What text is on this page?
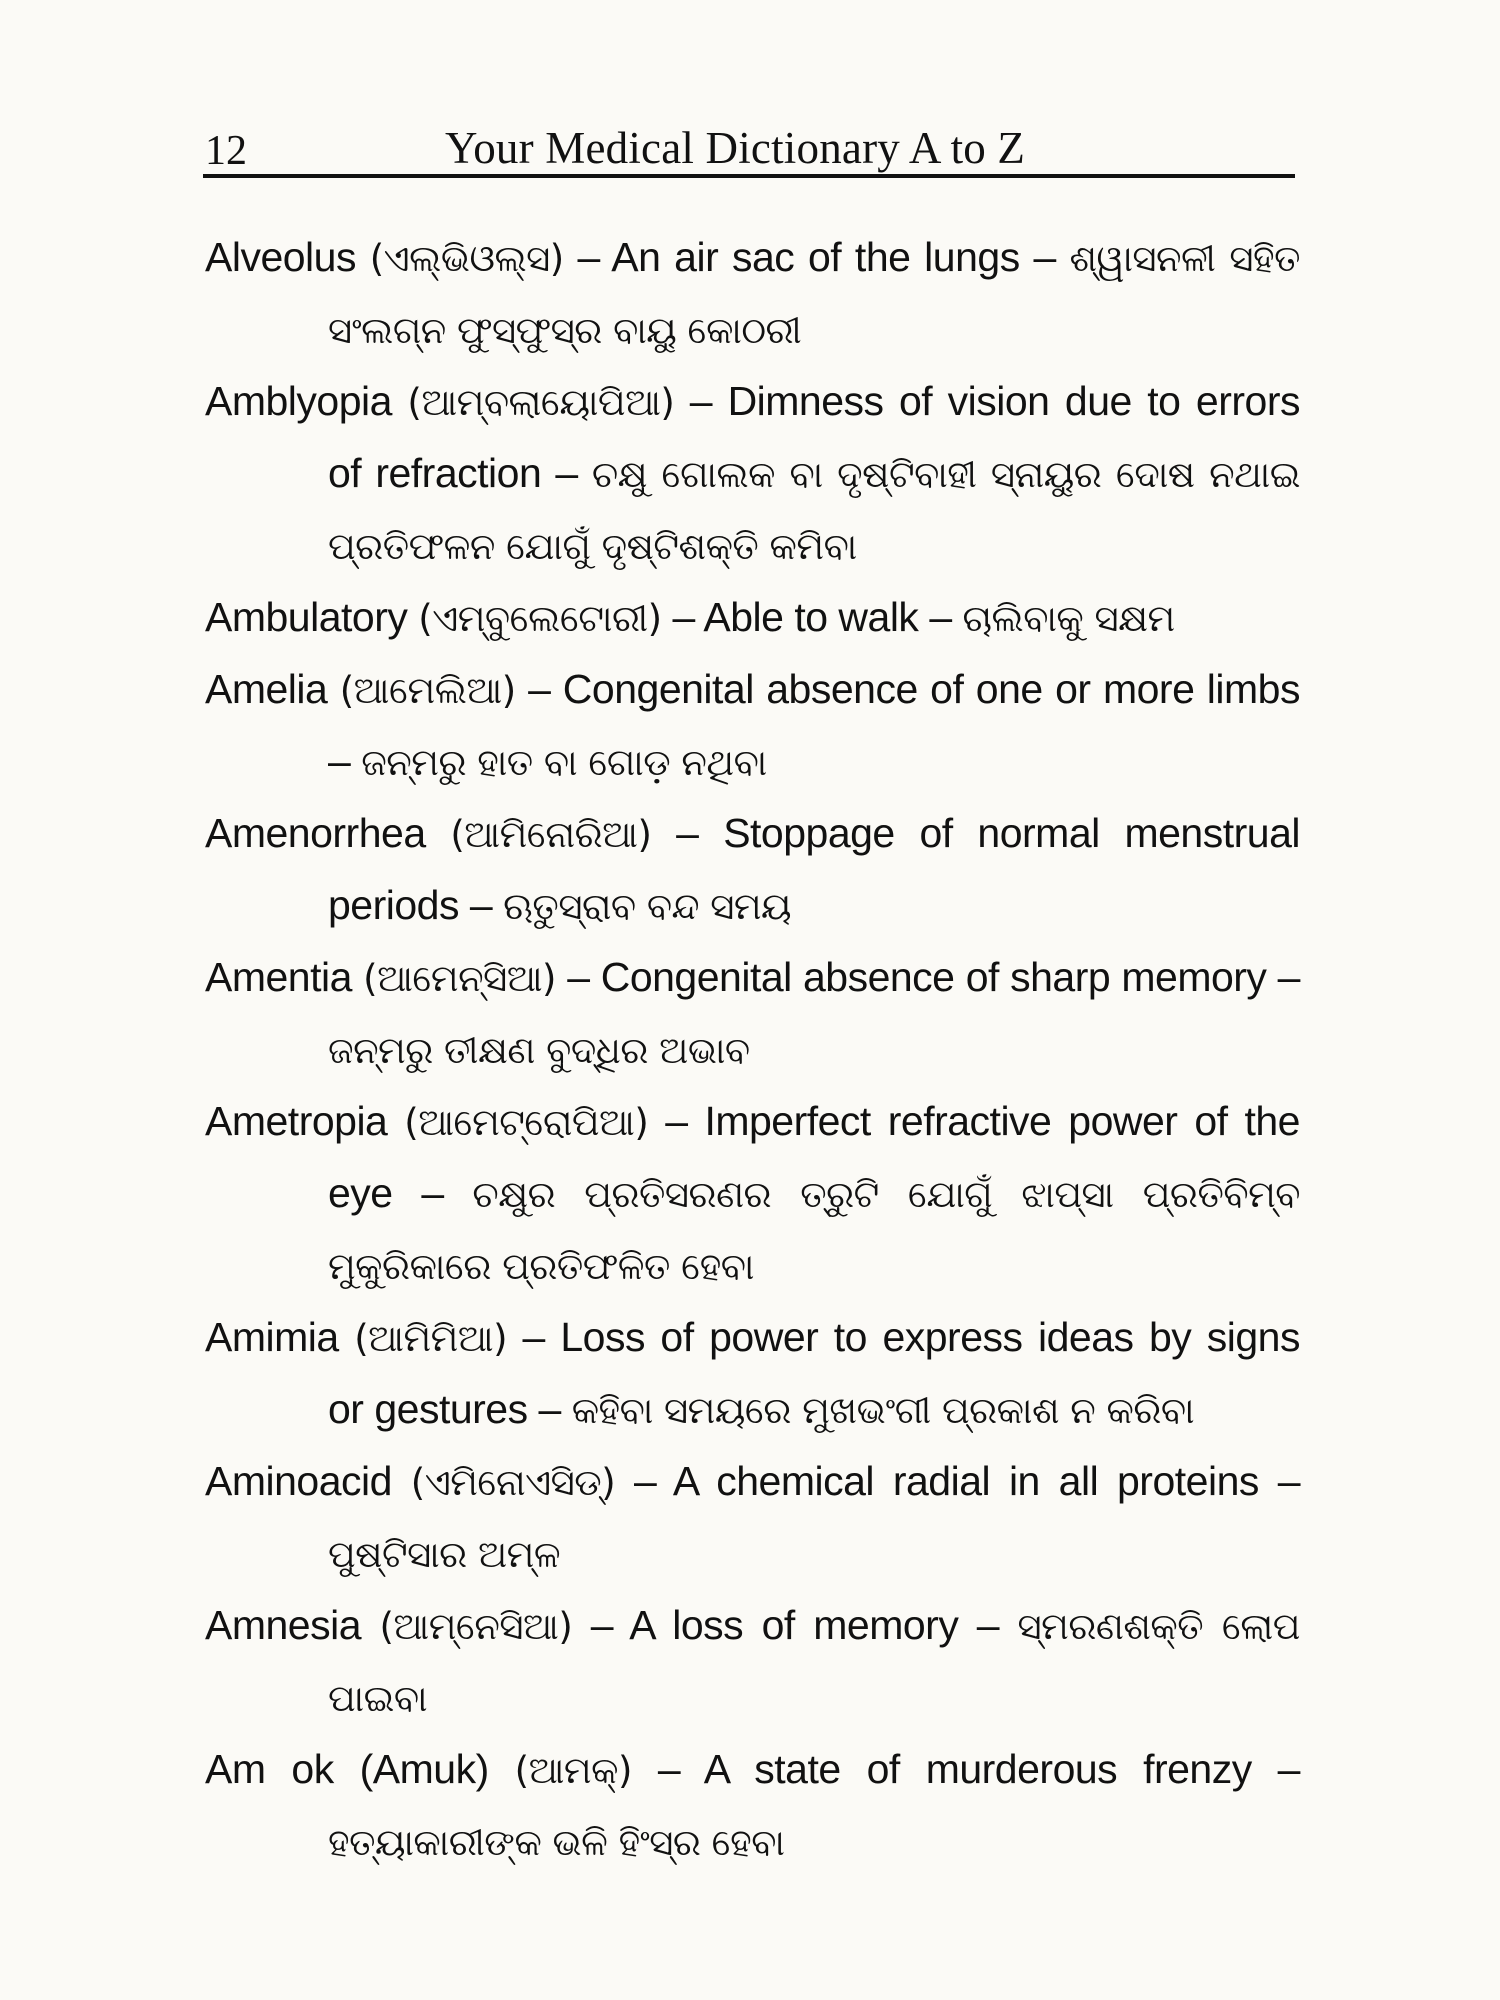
12	Your Medical Dictionary A to Z

Alveolus (ଏଲ୍ଭିଓଲ୍ସ) – An air sac of the lungs – ଶ୍ୱାସନଳୀ ସହିତ ସଂଲଗ୍ନ ଫୁସ୍‌ଫୁସ୍‌ର ବାୟୁ କୋଠରୀ

Amblyopia (ଆମ୍ବଲାୟୋପିଆ) – Dimness of vision due to errors of refraction – ଚକ୍ଷୁ ଗୋଲକ ବା ଦୃଷ୍ଟିବାହୀ ସ୍ନାୟୁର ଦୋଷ ନଥାଇ ପ୍ରତିଫଳନ ଯୋଗୁଁ ଦୃଷ୍ଟିଶକ୍ତି କମିବା

Ambulatory (ଏମ୍ବୁଲେଟୋରୀ) – Able to walk – ଚାଲିବାକୁ ସକ୍ଷମ

Amelia (ଆମେଲିଆ) – Congenital absence of one or more limbs – ଜନ୍ମରୁ ହାତ ବା ଗୋଡ଼ ନଥିବା

Amenorrhea (ଆମିନୋରିଆ) – Stoppage of normal menstrual periods – ଋତୁସ୍ରାବ ବନ୍ଦ ସମୟ

Amentia (ଆମେନ୍‌ସିଆ) – Congenital absence of sharp memory – ଜନ୍ମରୁ ତୀକ୍ଷଣ ବୁଦ୍ଧିର ଅଭାବ

Ametropia (ଆମେଟ୍ରୋପିଆ) – Imperfect refractive power of the eye – ଚକ୍ଷୁର ପ୍ରତିସରଣର ତ୍ରୁଟି ଯୋଗୁଁ ଝାପ୍‌ସା ପ୍ରତିବିମ୍ବ ମୁକୁରିକାରେ ପ୍ରତିଫଳିତ ହେବା

Amimia (ଆମିମିଆ) – Loss of power to express ideas by signs or gestures – କହିବା ସମୟରେ ମୁଖଭଂଗୀ ପ୍ରକାଶ ନ କରିବା

Aminoacid (ଏମିନୋଏସିଡ୍‌) – A chemical radial in all proteins – ପୁଷ୍ଟିସାର ଅମ୍ଳ

Amnesia (ଆମ୍ନେସିଆ) – A loss of memory – ସ୍ମରଣଶକ୍ତି ଲୋପ ପାଇବା

Am ok (Amuk) (ଆମକ୍‌) – A state of murderous frenzy – ହତ୍ୟାକାରୀଙ୍କ ଭଳି ହିଂସ୍ର ହେବା
